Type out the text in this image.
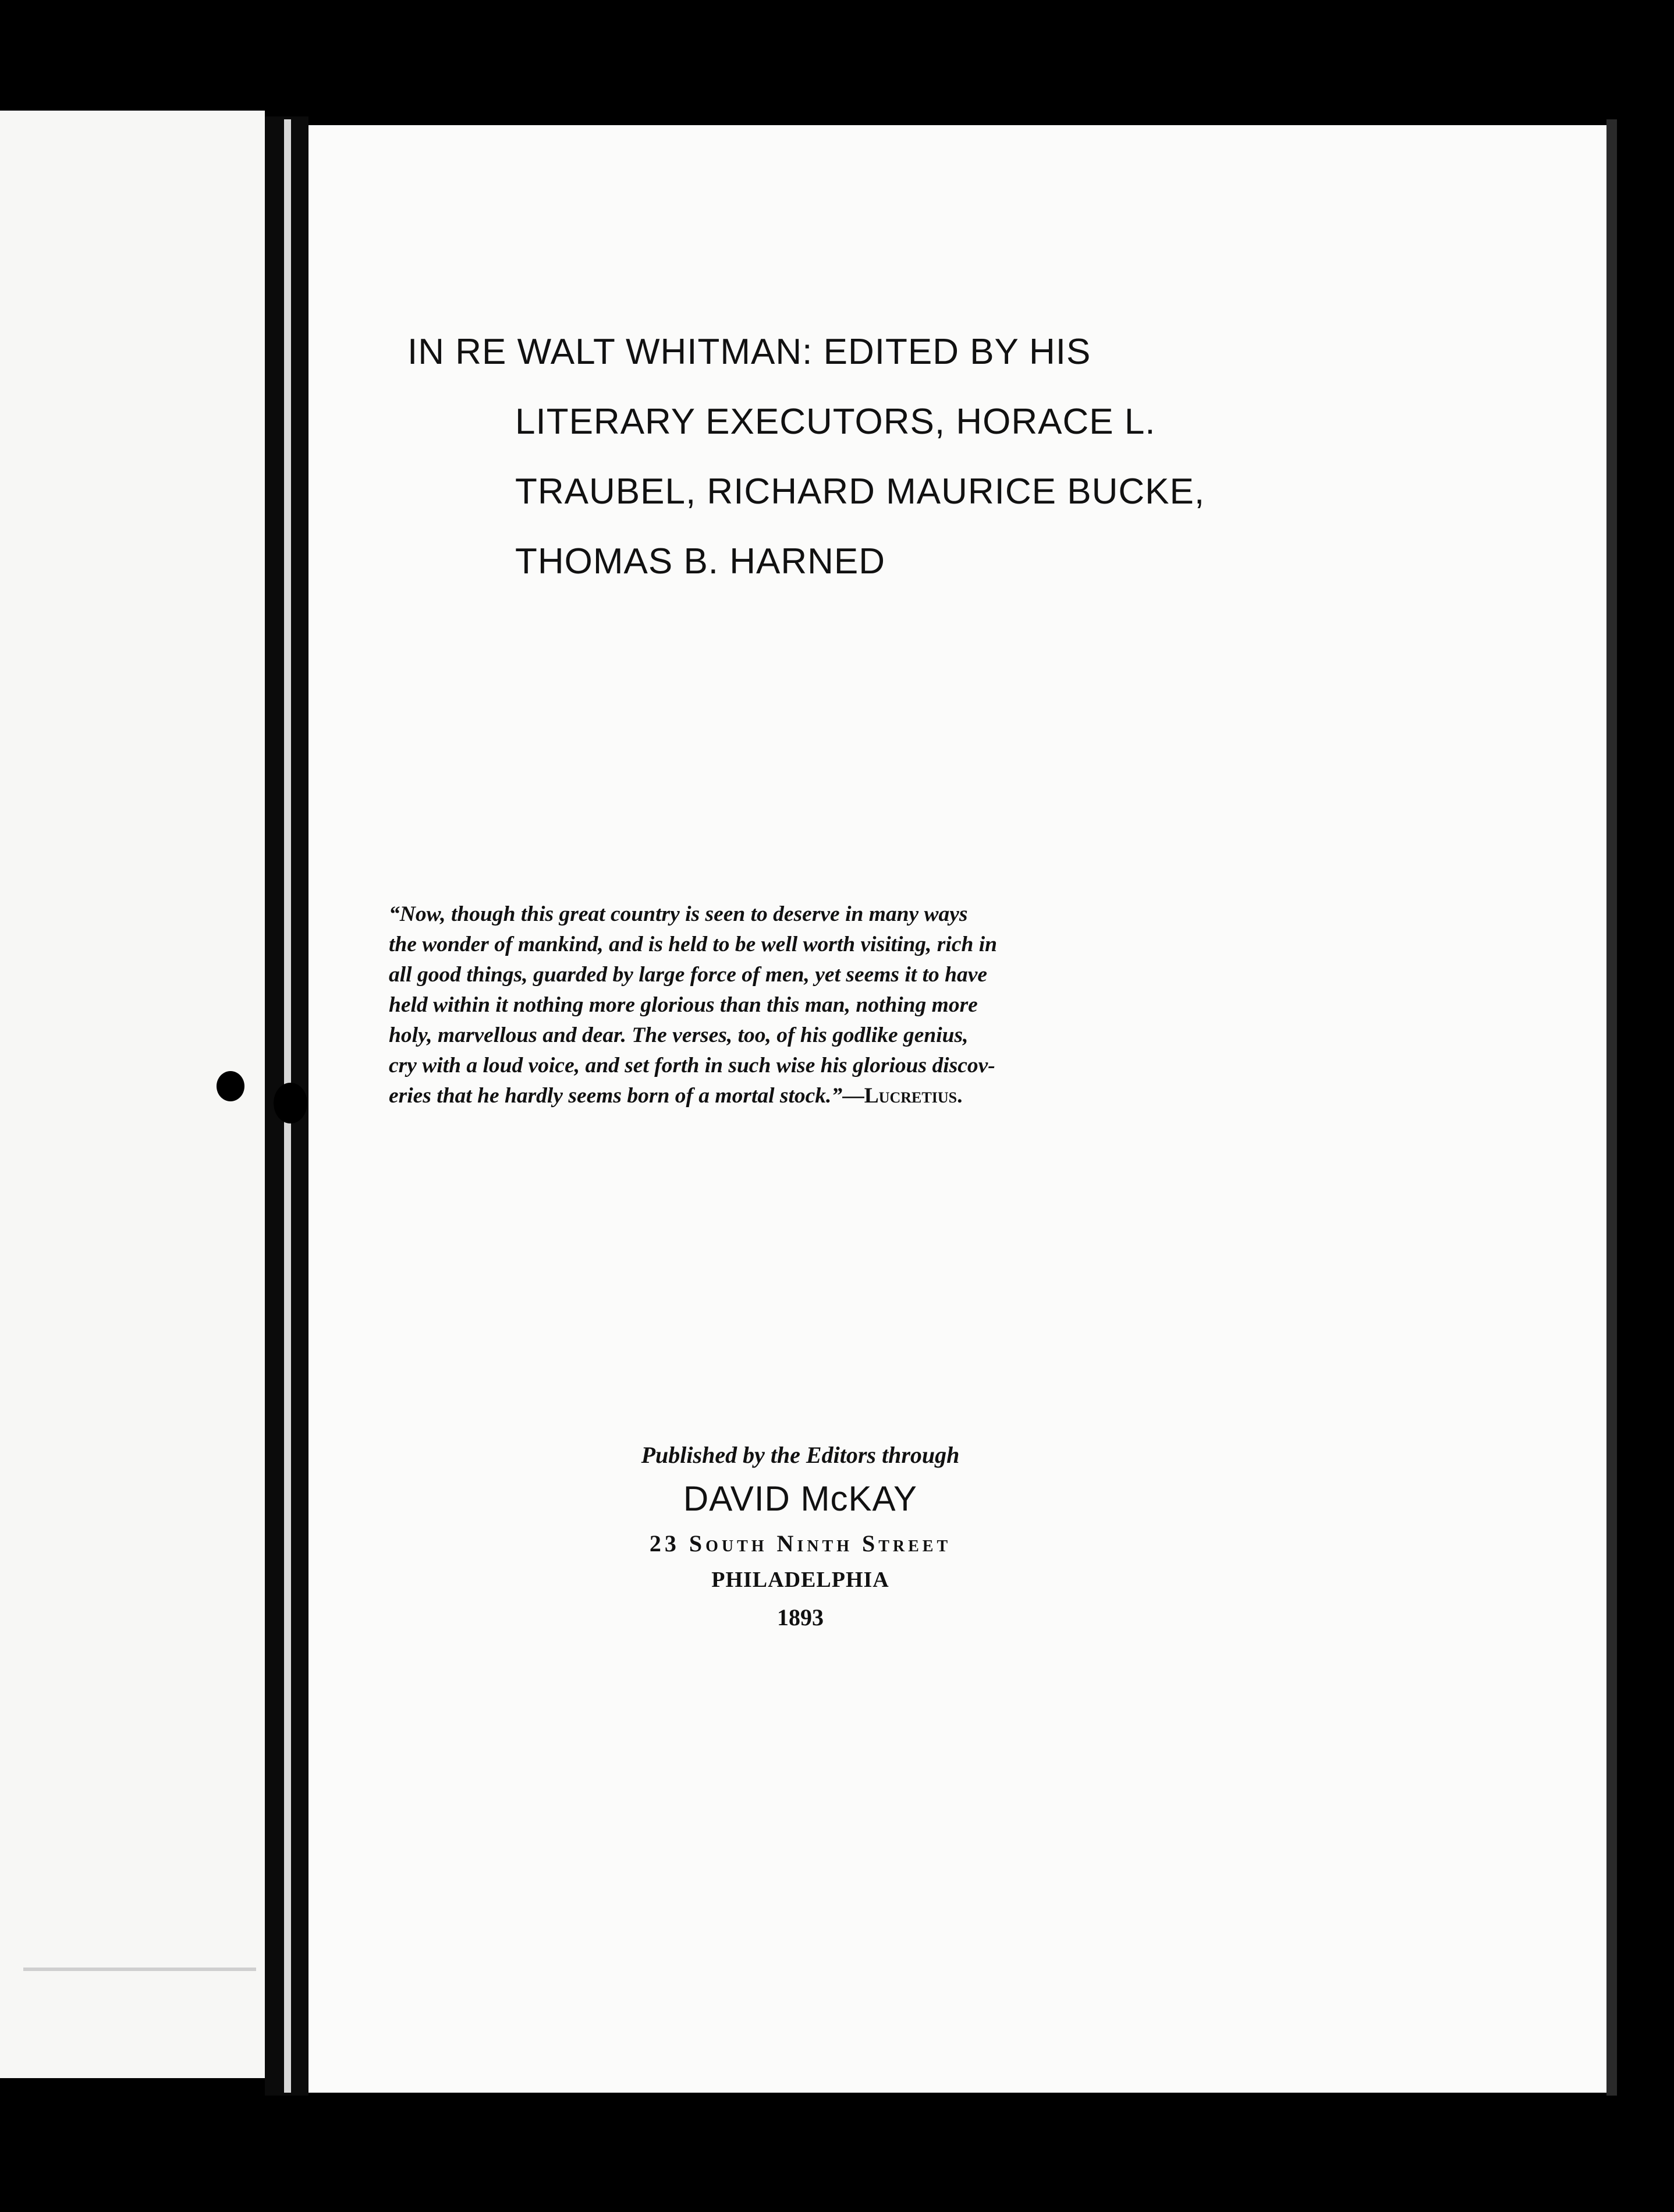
IN RE WALT WHITMAN: EDITED BY HIS
LITERARY EXECUTORS, HORACE L.
TRAUBEL, RICHARD MAURICE BUCKE,
THOMAS B. HARNED
“Now, though this great country is seen to deserve in many ways
the wonder of mankind, and is held to be well worth visiting, rich in
all good things, guarded by large force of men, yet seems it to have
held within it nothing more glorious than this man, nothing more
holy, marvellous and dear. The verses, too, of his godlike genius,
cry with a loud voice, and set forth in such wise his glorious discov-
eries that he hardly seems born of a mortal stock.”—Lucretius.
Published by the Editors through
DAVID McKAY
23 South Ninth Street
PHILADELPHIA
1893
